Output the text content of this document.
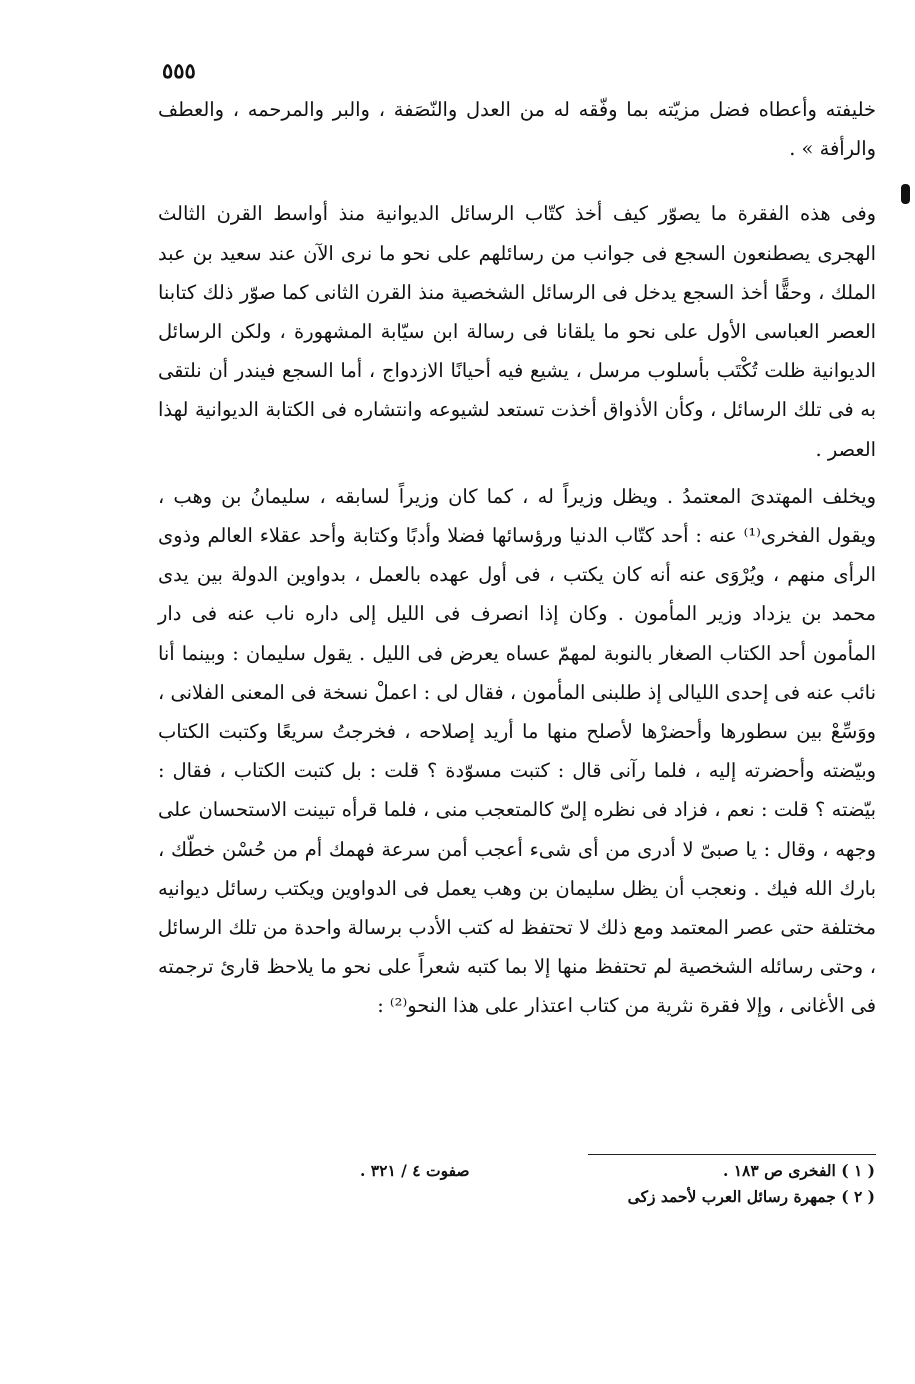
٥٥٥

خليفته وأعطاه فضل مزيّته بما وفّقه له من العدل والنّصَفة ، والبر والمرحمه ، والعطف والرأفة » .

وفى هذه الفقرة ما يصوّر كيف أخذ كتّاب الرسائل الديوانية منذ أواسط القرن الثالث الهجرى يصطنعون السجع فى جوانب من رسائلهم على نحو ما نرى الآن عند سعيد بن عبد الملك ، وحقًّا أخذ السجع يدخل فى الرسائل الشخصية منذ القرن الثانى كما صوّر ذلك كتابنا العصر العباسى الأول على نحو ما يلقانا فى رسالة ابن سيّابة المشهورة ، ولكن الرسائل الديوانية ظلت تُكْتَب بأسلوب مرسل ، يشيع فيه أحيانًا الازدواج ، أما السجع فيندر أن نلتقى به فى تلك الرسائل ، وكأن الأذواق أخذت تستعد لشيوعه وانتشاره فى الكتابة الديوانية لهذا العصر .

ويخلف المهتدىَ المعتمدُ . ويظل وزيراً له ، كما كان وزيراً لسابقه ، سليمانُ بن وهب ، ويقول الفخرى⁽¹⁾ عنه : أحد كتّاب الدنيا ورؤسائها فضلا وأدبًا وكتابة وأحد عقلاء العالم وذوى الرأى منهم ، ويُرْوَى عنه أنه كان يكتب ، فى أول عهده بالعمل ، بدواوين الدولة بين يدى محمد بن يزداد وزير المأمون . وكان إذا انصرف فى الليل إلى داره ناب عنه فى دار المأمون أحد الكتاب الصغار بالنوبة لمهمّ عساه يعرض فى الليل . يقول سليمان : وبينما أنا نائب عنه فى إحدى الليالى إذ طلبنى المأمون ، فقال لى : اعملْ نسخة فى المعنى الفلانى ، ووَسِّعْ بين سطورها وأحضرْها لأصلح منها ما أريد إصلاحه ، فخرجتُ سريعًا وكتبت الكتاب وبيّضته وأحضرته إليه ، فلما رآنى قال : كتبت مسوّدة ؟ قلت : بل كتبت الكتاب ، فقال : بيّضته ؟ قلت : نعم ، فزاد فى نظره إلىّ كالمتعجب منى ، فلما قرأه تبينت الاستحسان على وجهه ، وقال : يا صبىّ لا أدرى من أى شىء أعجب أمن سرعة فهمك أم من حُسْن خطّك ، بارك الله فيك . ونعجب أن يظل سليمان بن وهب يعمل فى الدواوين ويكتب رسائل ديوانيه مختلفة حتى عصر المعتمد ومع ذلك لا تحتفظ له كتب الأدب برسالة واحدة من تلك الرسائل ، وحتى رسائله الشخصية لم تحتفظ منها إلا بما كتبه شعراً على نحو ما يلاحظ قارئ ترجمته فى الأغانى ، وإلا فقرة نثرية من كتاب اعتذار على هذا النحو⁽²⁾ :

( ١ ) الفخرى ص ١٨٣ .
( ٢ ) جمهرة رسائل العرب لأحمد زكى
صفوت ٤ / ٣٢١ .
